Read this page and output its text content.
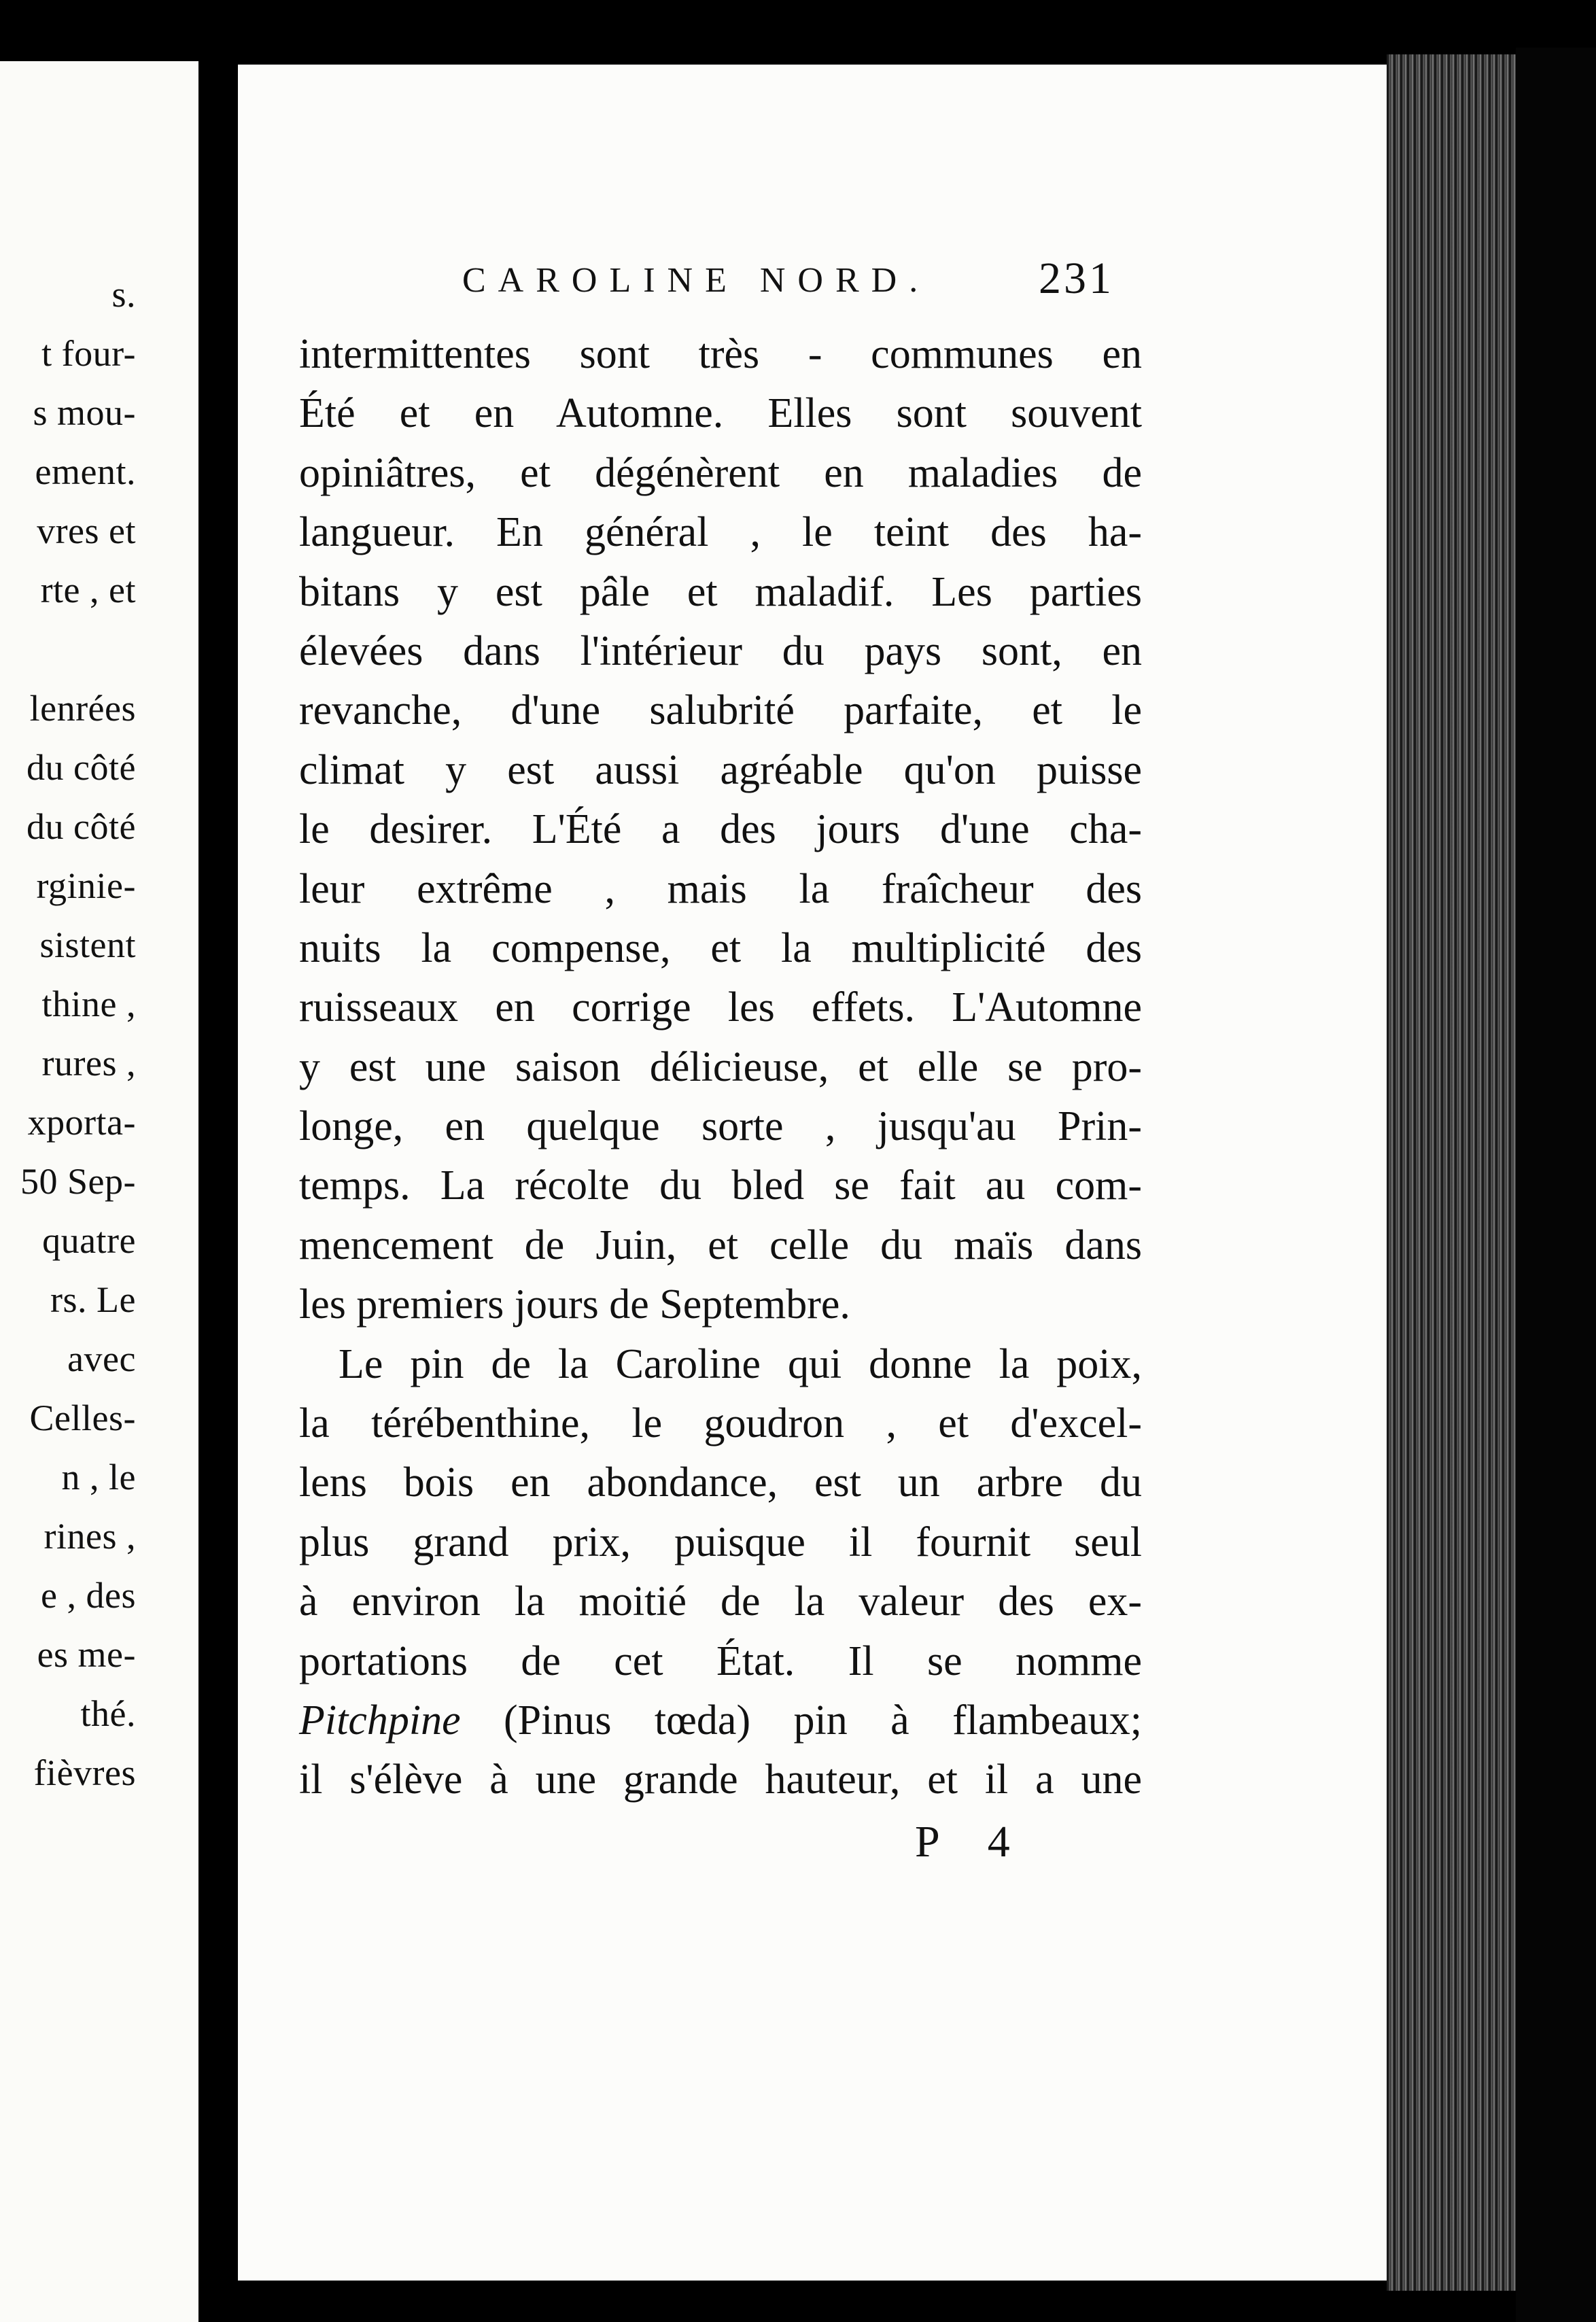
s.
t four-
s mou-
ement.
vres et
rte , et
lenrées
du côté
du côté
rginie-
sistent
thine ,
rures ,
xporta-
50 Sep-
quatre
rs. Le
avec
Celles-
n , le
rines ,
e , des
es me-
thé.
fièvres
CAROLINE NORD.	231
intermittentes sont très - communes en
Été et en Automne. Elles sont souvent
opiniâtres, et dégénèrent en maladies de
langueur. En général , le teint des ha-
bitans y est pâle et maladif. Les parties
élevées dans l'intérieur du pays sont, en
revanche, d'une salubrité parfaite, et le
climat y est aussi agréable qu'on puisse
le desirer. L'Été a des jours d'une cha-
leur extrême , mais la fraîcheur des
nuits la compense, et la multiplicité des
ruisseaux en corrige les effets. L'Automne
y est une saison délicieuse, et elle se pro-
longe, en quelque sorte , jusqu'au Prin-
temps. La récolte du bled se fait au com-
mencement de Juin, et celle du maïs dans
les premiers jours de Septembre.
Le pin de la Caroline qui donne la poix,
la térébenthine, le goudron , et d'excel-
lens bois en abondance, est un arbre du
plus grand prix, puisque il fournit seul
à environ la moitié de la valeur des ex-
portations de cet État. Il se nomme
Pitchpine (Pinus tœda) pin à flambeaux;
il s'élève à une grande hauteur, et il a une
P 4
